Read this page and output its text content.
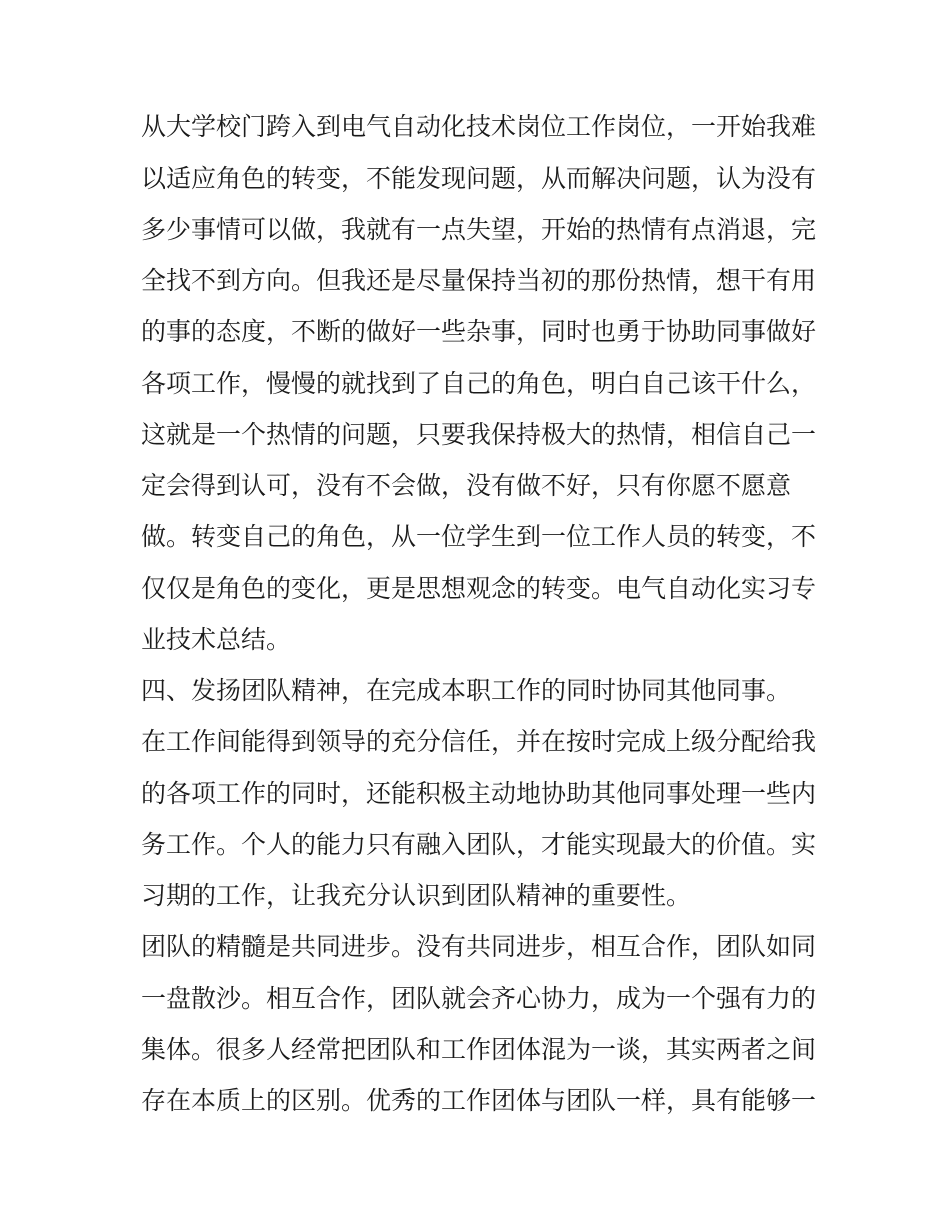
从大学校门跨入到电气自动化技术岗位工作岗位，一开始我难
以适应角色的转变，不能发现问题，从而解决问题，认为没有
多少事情可以做，我就有一点失望，开始的热情有点消退，完
全找不到方向。但我还是尽量保持当初的那份热情，想干有用
的事的态度，不断的做好一些杂事，同时也勇于协助同事做好
各项工作，慢慢的就找到了自己的角色，明白自己该干什么，
这就是一个热情的问题，只要我保持极大的热情，相信自己一
定会得到认可，没有不会做，没有做不好，只有你愿不愿意
做。转变自己的角色，从一位学生到一位工作人员的转变，不
仅仅是角色的变化，更是思想观念的转变。电气自动化实习专
业技术总结。
四、发扬团队精神，在完成本职工作的同时协同其他同事。
在工作间能得到领导的充分信任，并在按时完成上级分配给我
的各项工作的同时，还能积极主动地协助其他同事处理一些内
务工作。个人的能力只有融入团队，才能实现最大的价值。实
习期的工作，让我充分认识到团队精神的重要性。
团队的精髓是共同进步。没有共同进步，相互合作，团队如同
一盘散沙。相互合作，团队就会齐心协力，成为一个强有力的
集体。很多人经常把团队和工作团体混为一谈，其实两者之间
存在本质上的区别。优秀的工作团体与团队一样，具有能够一
